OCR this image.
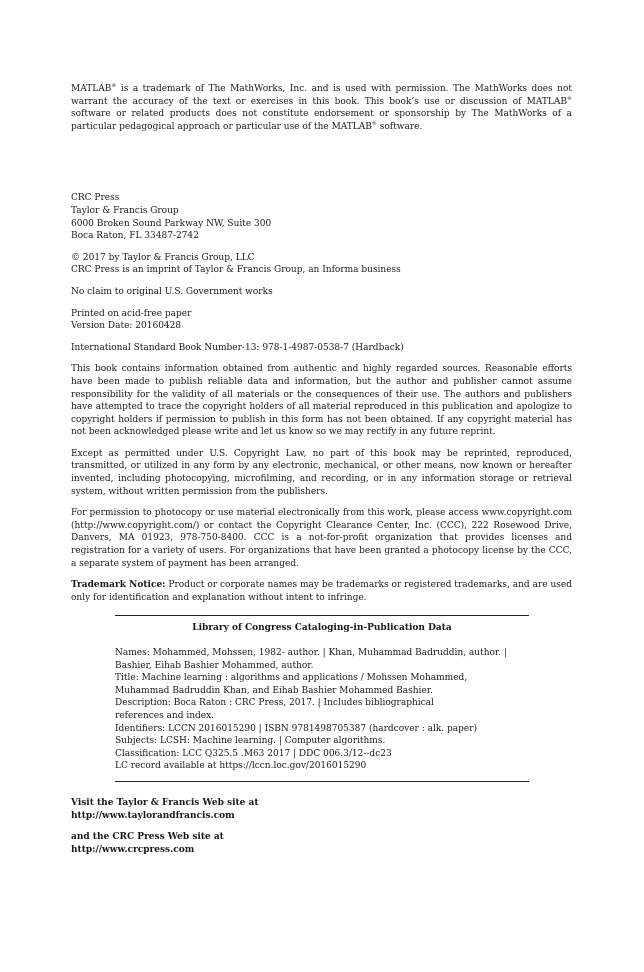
MATLAB® is a trademark of The MathWorks, Inc. and is used with permission. The MathWorks does not warrant the accuracy of the text or exercises in this book. This book’s use or discussion of MATLAB® software or related products does not constitute endorsement or sponsorship by The MathWorks of a particular pedagogical approach or particular use of the MATLAB® software.

CRC Press
Taylor & Francis Group
6000 Broken Sound Parkway NW, Suite 300
Boca Raton, FL 33487-2742
© 2017 by Taylor & Francis Group, LLC
CRC Press is an imprint of Taylor & Francis Group, an Informa business

No claim to original U.S. Government works

Printed on acid-free paper
Version Date: 20160428

International Standard Book Number-13: 978-1-4987-0538-7 (Hardback)

This book contains information obtained from authentic and highly regarded sources. Reasonable efforts have been made to publish reliable data and information, but the author and publisher cannot assume responsibility for the validity of all materials or the consequences of their use. The authors and publishers have attempted to trace the copyright holders of all material reproduced in this publication and apologize to copyright holders if permission to publish in this form has not been obtained. If any copyright material has not been acknowledged please write and let us know so we may rectify in any future reprint.

Except as permitted under U.S. Copyright Law, no part of this book may be reprinted, reproduced, transmitted, or utilized in any form by any electronic, mechanical, or other means, now known or hereafter invented, including photocopying, microfilming, and recording, or in any information storage or retrieval system, without written permission from the publishers.

For permission to photocopy or use material electronically from this work, please access www.copyright.com (http://www.copyright.com/) or contact the Copyright Clearance Center, Inc. (CCC), 222 Rosewood Drive, Danvers, MA 01923, 978-750-8400. CCC is a not-for-profit organization that provides licenses and registration for a variety of users. For organizations that have been granted a photocopy license by the CCC, a separate system of payment has been arranged.

Trademark Notice: Product or corporate names may be trademarks or registered trademarks, and are used only for identification and explanation without intent to infringe.

Library of Congress Cataloging-in-Publication Data
Names: Mohammed, Mohssen, 1982- author. | Khan, Muhammad Badruddin, author. |
Bashier, Eihab Bashier Mohammed, author.
Title: Machine learning : algorithms and applications / Mohssen Mohammed,
Muhammad Badruddin Khan, and Eihab Bashier Mohammed Bashier.
Description: Boca Raton : CRC Press, 2017. | Includes bibliographical
references and index.
Identifiers: LCCN 2016015290 | ISBN 9781498705387 (hardcover : alk. paper)
Subjects: LCSH: Machine learning. | Computer algorithms.
Classification: LCC Q325.5 .M63 2017 | DDC 006.3/12--dc23
LC record available at https://lccn.loc.gov/2016015290
Visit the Taylor & Francis Web site at
http://www.taylorandfrancis.com
and the CRC Press Web site at
http://www.crcpress.com
